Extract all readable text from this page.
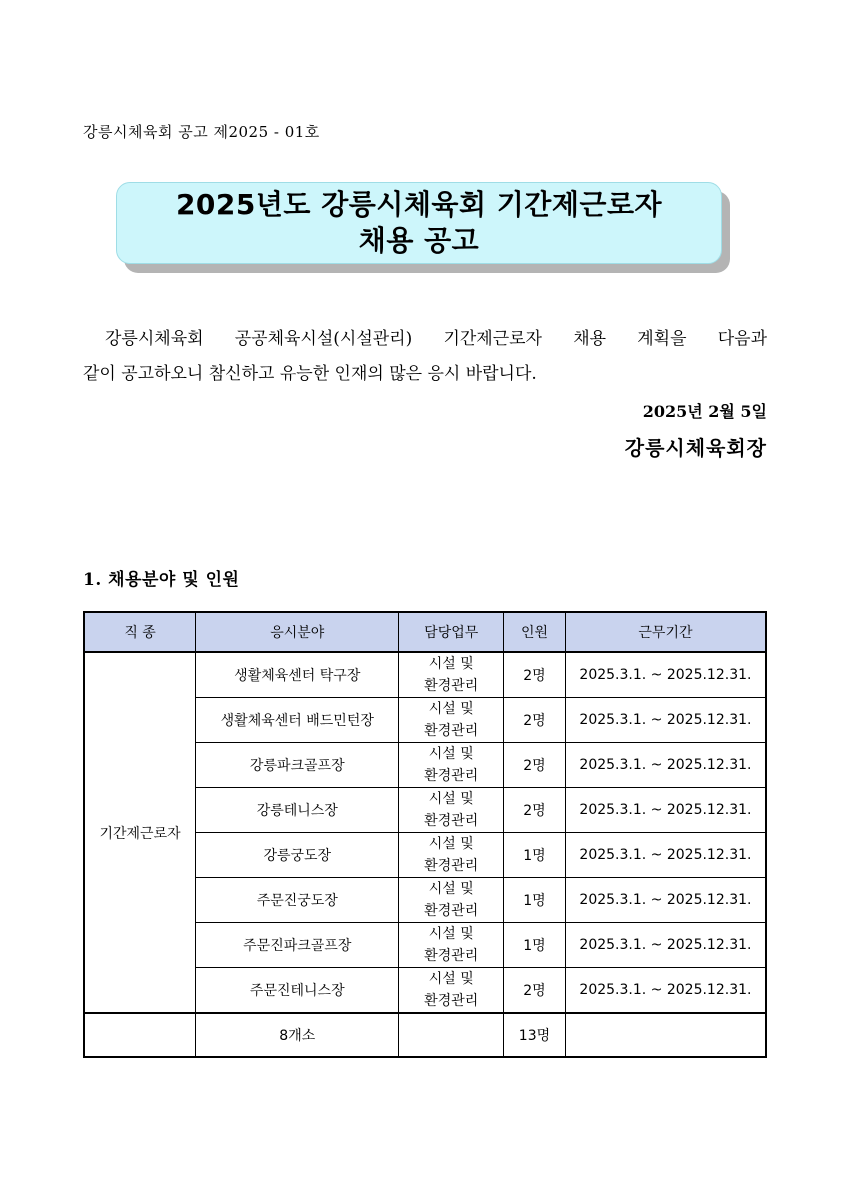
강릉시체육회 공고 제2025 - 01호
2025년도 강릉시체육회 기간제근로자
채용 공고
강릉시체육회 공공체육시설(시설관리) 기간제근로자 채용 계획을 다음과
같이 공고하오니 참신하고 유능한 인재의 많은 응시 바랍니다.
2025년 2월 5일
강릉시체육회장
1. 채용분야 및 인원
직 종	응시분야	담당업무	인원	근무기간
기간제근로자	생활체육센터 탁구장	시설 및
환경관리	2명	2025.3.1. ~ 2025.12.31.
	생활체육센터 배드민턴장	시설 및
환경관리	2명	2025.3.1. ~ 2025.12.31.
	강릉파크골프장	시설 및
환경관리	2명	2025.3.1. ~ 2025.12.31.
	강릉테니스장	시설 및
환경관리	2명	2025.3.1. ~ 2025.12.31.
	강릉궁도장	시설 및
환경관리	1명	2025.3.1. ~ 2025.12.31.
	주문진궁도장	시설 및
환경관리	1명	2025.3.1. ~ 2025.12.31.
	주문진파크골프장	시설 및
환경관리	1명	2025.3.1. ~ 2025.12.31.
	주문진테니스장	시설 및
환경관리	2명	2025.3.1. ~ 2025.12.31.
	8개소		13명	
